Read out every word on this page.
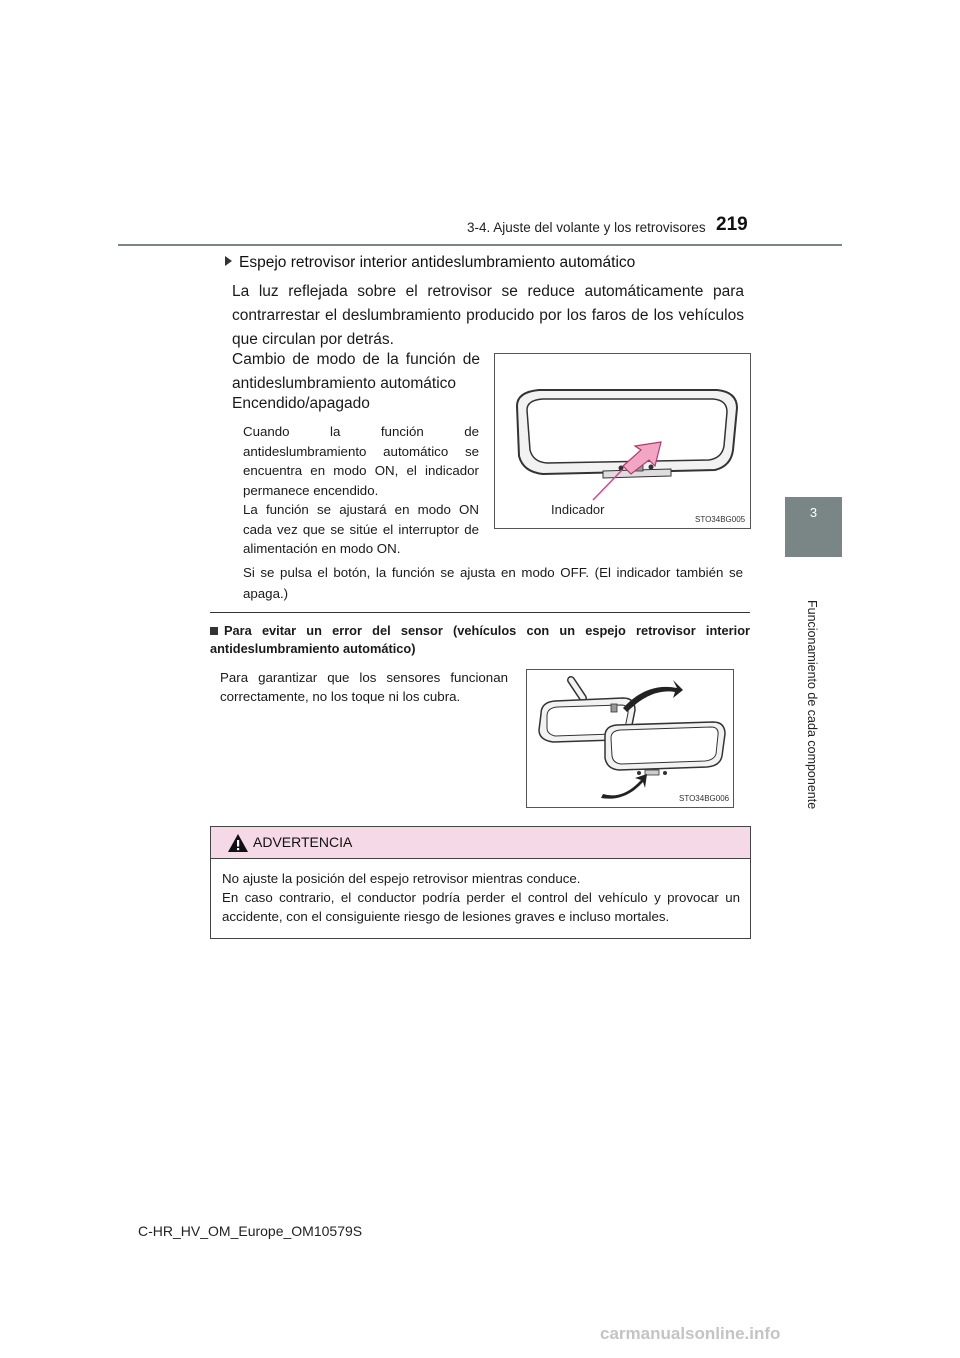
3-4. Ajuste del volante y los retrovisores 219
3
Funcionamiento de cada componente
Espejo retrovisor interior antideslumbramiento automático
La luz reflejada sobre el retrovisor se reduce automáticamente para contrarrestar el deslumbramiento producido por los faros de los vehículos que circulan por detrás.
Cambio de modo de la función de antideslumbramiento automático
Encendido/apagado
Cuando la función de antideslumbramiento automático se encuentra en modo ON, el indicador permanece encendido.
La función se ajustará en modo ON cada vez que se sitúe el interruptor de alimentación en modo ON.
Si se pulsa el botón, la función se ajusta en modo OFF. (El indicador también se apaga.)
Indicador
STO34BG005
Para evitar un error del sensor (vehículos con un espejo retrovisor interior antideslumbramiento automático)
Para garantizar que los sensores funcionan correctamente, no los toque ni los cubra.
STO34BG006
ADVERTENCIA
No ajuste la posición del espejo retrovisor mientras conduce.
En caso contrario, el conductor podría perder el control del vehículo y provocar un accidente, con el consiguiente riesgo de lesiones graves e incluso mortales.
C-HR_HV_OM_Europe_OM10579S
carmanualsonline.info
